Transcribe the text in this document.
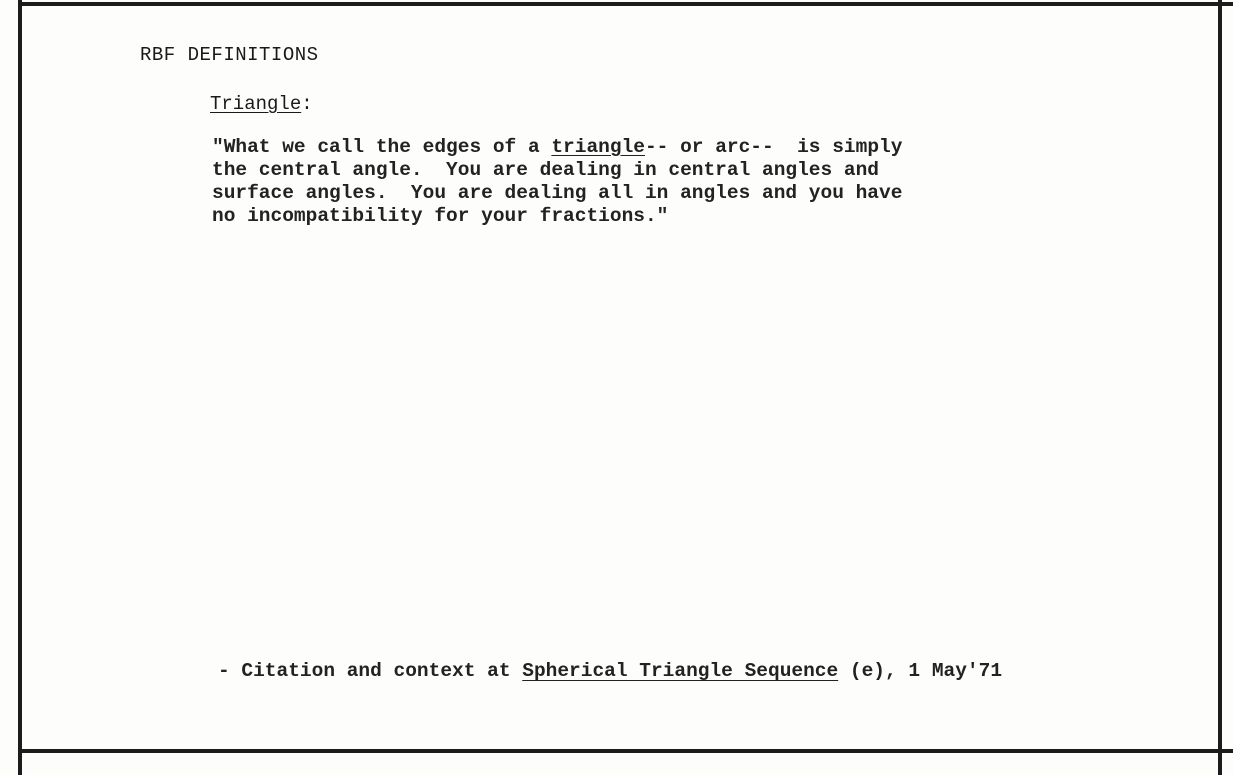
RBF DEFINITIONS
Triangle:
"What we call the edges of a triangle-- or arc--  is simply
the central angle.  You are dealing in central angles and
surface angles.  You are dealing all in angles and you have
no incompatibility for your fractions."
- Citation and context at Spherical Triangle Sequence (e), 1 May'71
